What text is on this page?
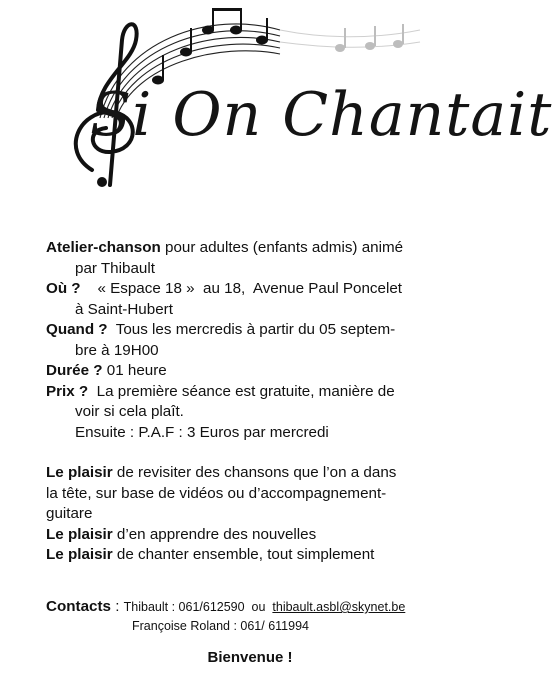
Si On Chantait
Atelier-chanson pour adultes (enfants admis) animé
par Thibault
Où ?    « Espace 18 »  au 18,  Avenue Paul Poncelet
à Saint-Hubert
Quand ?  Tous les mercredis à partir du 05 septem-
bre à 19H00
Durée ? 01 heure
Prix ?  La première séance est gratuite, manière de
voir si cela plaît.
Ensuite : P.A.F : 3 Euros par mercredi
Le plaisir de revisiter des chansons que l’on a dans
la tête, sur base de vidéos ou d’accompagnement-
guitare
Le plaisir d’en apprendre des nouvelles
Le plaisir de chanter ensemble, tout simplement
Contacts : Thibault : 061/612590  ou  thibault.asbl@skynet.be
Françoise Roland : 061/ 611994
Bienvenue !
